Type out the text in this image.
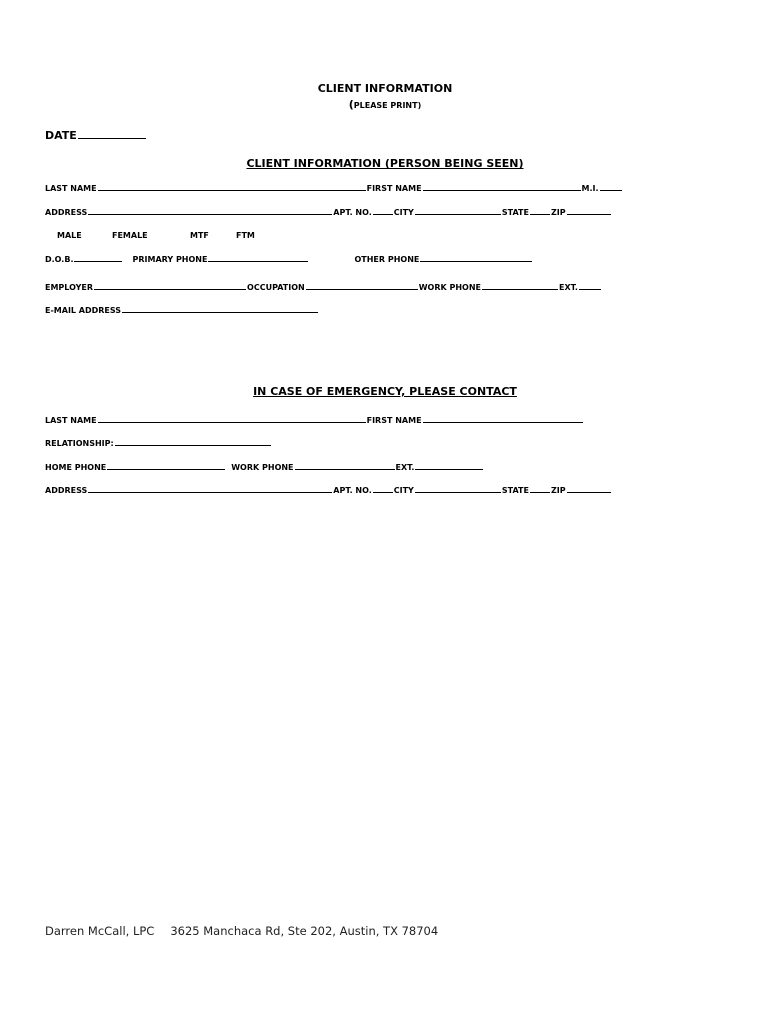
CLIENT INFORMATION
(PLEASE PRINT)
DATE
CLIENT INFORMATION (PERSON BEING SEEN)
LAST NAME	FIRST NAME	M.I.
ADDRESS	APT. NO.	CITY	STATE	ZIP
MALE	FEMALE	MTF	FTM
D.O.B.	PRIMARY PHONE	OTHER PHONE
EMPLOYER	OCCUPATION	WORK PHONE	EXT.
E-MAIL ADDRESS
IN CASE OF EMERGENCY, PLEASE CONTACT
LAST NAME	FIRST NAME
RELATIONSHIP:
HOME PHONE	WORK PHONE	EXT.
ADDRESS	APT. NO.	CITY	STATE	ZIP
Darren McCall, LPC 3625 Manchaca Rd, Ste 202, Austin, TX 78704
